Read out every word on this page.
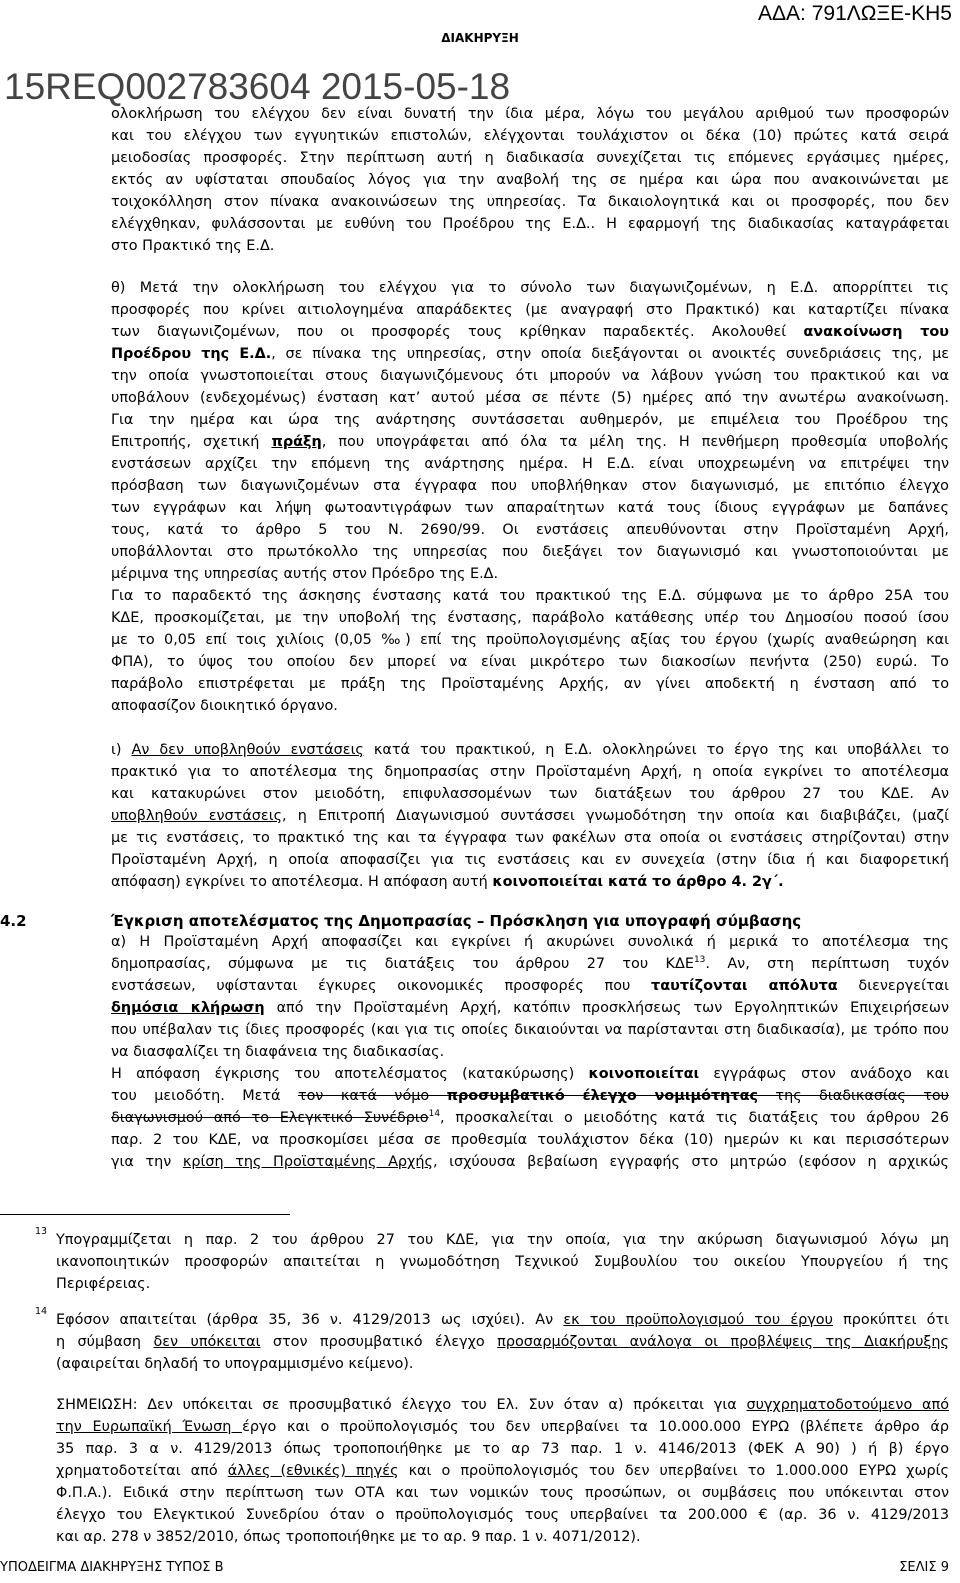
ΑΔΑ: 791ΛΩΞΕ-ΚΗ5
ΔΙΑΚΗΡΥΞΗ
15REQ002783604 2015-05-18
ολοκλήρωση του ελέγχου δεν είναι δυνατή την ίδια μέρα, λόγω του μεγάλου αριθμού των προσφορών
και του ελέγχου των εγγυητικών επιστολών, ελέγχονται τουλάχιστον οι δέκα (10) πρώτες κατά σειρά
μειοδοσίας προσφορές. Στην περίπτωση αυτή η διαδικασία συνεχίζεται τις επόμενες εργάσιμες ημέρες,
εκτός αν υφίσταται σπουδαίος λόγος για την αναβολή της σε ημέρα και ώρα που ανακοινώνεται με
τοιχοκόλληση στον πίνακα ανακοινώσεων της υπηρεσίας. Τα δικαιολογητικά και οι προσφορές, που δεν
ελέγχθηκαν, φυλάσσονται με ευθύνη του Προέδρου της Ε.Δ.. Η εφαρμογή της διαδικασίας καταγράφεται
στο Πρακτικό της Ε.Δ.
θ) Μετά την ολοκλήρωση του ελέγχου για το σύνολο των διαγωνιζομένων, η Ε.Δ. απορρίπτει τις
προσφορές που κρίνει αιτιολογημένα απαράδεκτες (με αναγραφή στο Πρακτικό) και καταρτίζει πίνακα
των διαγωνιζομένων, που οι προσφορές τους κρίθηκαν παραδεκτές. Ακολουθεί ανακοίνωση του
Προέδρου της Ε.Δ., σε πίνακα της υπηρεσίας, στην οποία διεξάγονται οι ανοικτές συνεδριάσεις της, με
την οποία γνωστοποιείται στους διαγωνιζόμενους ότι μπορούν να λάβουν γνώση του πρακτικού και να
υποβάλουν (ενδεχομένως) ένσταση κατ’ αυτού μέσα σε πέντε (5) ημέρες από την ανωτέρω ανακοίνωση.
Για την ημέρα και ώρα της ανάρτησης συντάσσεται αυθημερόν, με επιμέλεια του Προέδρου της
Επιτροπής, σχετική πράξη, που υπογράφεται από όλα τα μέλη της. Η πενθήμερη προθεσμία υποβολής
ενστάσεων αρχίζει την επόμενη της ανάρτησης ημέρα. Η Ε.Δ. είναι υποχρεωμένη να επιτρέψει την
πρόσβαση των διαγωνιζομένων στα έγγραφα που υποβλήθηκαν στον διαγωνισμό, με επιτόπιο έλεγχο
των εγγράφων και λήψη φωτοαντιγράφων των απαραίτητων κατά τους ίδιους εγγράφων με δαπάνες
τους, κατά το άρθρο 5 του Ν. 2690/99. Οι ενστάσεις απευθύνονται στην Προϊσταμένη Αρχή,
υποβάλλονται στο πρωτόκολλο της υπηρεσίας που διεξάγει τον διαγωνισμό και γνωστοποιούνται με
μέριμνα της υπηρεσίας αυτής στον Πρόεδρο της Ε.Δ.
Για το παραδεκτό της άσκησης ένστασης κατά του πρακτικού της Ε.Δ. σύμφωνα με το άρθρο 25Α του
ΚΔΕ, προσκομίζεται, με την υποβολή της ένστασης, παράβολο κατάθεσης υπέρ του Δημοσίου ποσού ίσου
με το 0,05 επί τοις χιλίοις (0,05 ‰) επί της προϋπολογισμένης αξίας του έργου (χωρίς αναθεώρηση και
ΦΠΑ), το ύψος του οποίου δεν μπορεί να είναι μικρότερο των διακοσίων πενήντα (250) ευρώ. Το
παράβολο επιστρέφεται με πράξη της Προϊσταμένης Αρχής, αν γίνει αποδεκτή η ένσταση από το
αποφασίζον διοικητικό όργανο.
ι) Αν δεν υποβληθούν ενστάσεις κατά του πρακτικού, η Ε.Δ. ολοκληρώνει το έργο της και υποβάλλει το
πρακτικό για το αποτέλεσμα της δημοπρασίας στην Προϊσταμένη Αρχή, η οποία εγκρίνει το αποτέλεσμα
και κατακυρώνει στον μειοδότη, επιφυλασσομένων των διατάξεων του άρθρου 27 του ΚΔΕ. Αν
υποβληθούν ενστάσεις, η Επιτροπή Διαγωνισμού συντάσσει γνωμοδότηση την οποία και διαβιβάζει, (μαζί
με τις ενστάσεις, το πρακτικό της και τα έγγραφα των φακέλων στα οποία οι ενστάσεις στηρίζονται) στην
Προϊσταμένη Αρχή, η οποία αποφασίζει για τις ενστάσεις και εν συνεχεία (στην ίδια ή και διαφορετική
απόφαση) εγκρίνει το αποτέλεσμα. Η απόφαση αυτή κοινοποιείται κατά το άρθρο 4. 2γ΄.
4.2	Έγκριση αποτελέσματος της Δημοπρασίας – Πρόσκληση για υπογραφή σύμβασης
α) Η Προϊσταμένη Αρχή αποφασίζει και εγκρίνει ή ακυρώνει συνολικά ή μερικά το αποτέλεσμα της
δημοπρασίας, σύμφωνα με τις διατάξεις του άρθρου 27 του ΚΔΕ$^{13}$. Αν, στη περίπτωση τυχόν
ενστάσεων, υφίστανται έγκυρες οικονομικές προσφορές που ταυτίζονται απόλυτα διενεργείται
δημόσια κλήρωση από την Προϊσταμένη Αρχή, κατόπιν προσκλήσεως των Εργοληπτικών Επιχειρήσεων
που υπέβαλαν τις ίδιες προσφορές (και για τις οποίες δικαιούνται να παρίστανται στη διαδικασία), με τρόπο που
να διασφαλίζει τη διαφάνεια της διαδικασίας.
Η απόφαση έγκρισης του αποτελέσματος (κατακύρωσης) κοινοποιείται εγγράφως στον ανάδοχο και
του μειοδότη. Μετά τον κατά νόμο προσυμβατικό έλεγχο νομιμότητας της διαδικασίας του
διαγωνισμού από το Ελεγκτικό Συνέδριο$^{14}$, προσκαλείται ο μειοδότης κατά τις διατάξεις του άρθρου 26
παρ. 2 του ΚΔΕ, να προσκομίσει μέσα σε προθεσμία τουλάχιστον δέκα (10) ημερών κι και περισσότερων
για την κρίση της Προϊσταμένης Αρχής, ισχύουσα βεβαίωση εγγραφής στο μητρώο (εφόσον η αρχικώς
13
Υπογραμμίζεται η παρ. 2 του άρθρου 27 του ΚΔΕ, για την οποία, για την ακύρωση διαγωνισμού λόγω μη
ικανοποιητικών προσφορών απαιτείται η γνωμοδότηση Τεχνικού Συμβουλίου του οικείου Υπουργείου ή της
Περιφέρειας.
14
Εφόσον απαιτείται (άρθρα 35, 36 ν. 4129/2013 ως ισχύει). Αν εκ του προϋπολογισμού του έργου προκύπτει ότι
η σύμβαση δεν υπόκειται στον προσυμβατικό έλεγχο προσαρμόζονται ανάλογα οι προβλέψεις της Διακήρυξης
(αφαιρείται δηλαδή το υπογραμμισμένο κείμενο).
ΣΗΜΕΙΩΣΗ: Δεν υπόκειται σε προσυμβατικό έλεγχο του Ελ. Συν όταν α) πρόκειται για συγχρηματοδοτούμενο από
την Ευρωπαϊκή Ένωση έργο και ο προϋπολογισμός του δεν υπερβαίνει τα 10.000.000 ΕΥΡΩ (βλέπετε άρθρο άρ
35 παρ. 3 α ν. 4129/2013 όπως τροποποιήθηκε με το αρ 73 παρ. 1 ν. 4146/2013 (ΦΕΚ Α 90) ) ή β) έργο
χρηματοδοτείται από άλλες (εθνικές) πηγές και ο προϋπολογισμός του δεν υπερβαίνει το 1.000.000 ΕΥΡΩ χωρίς
Φ.Π.Α.). Ειδικά στην περίπτωση των ΟΤΑ και των νομικών τους προσώπων, οι συμβάσεις που υπόκεινται στον
έλεγχο του Ελεγκτικού Συνεδρίου όταν ο προϋπολογισμός τους υπερβαίνει τα 200.000 € (αρ. 36 ν. 4129/2013
και αρ. 278 ν 3852/2010, όπως τροποποιήθηκε με το αρ. 9 παρ. 1 ν. 4071/2012).
ΥΠΟΔΕΙΓΜΑ ΔΙΑΚΗΡΥΞΗΣ ΤΥΠΟΣ Β	ΣΕΛΙΣ 9
